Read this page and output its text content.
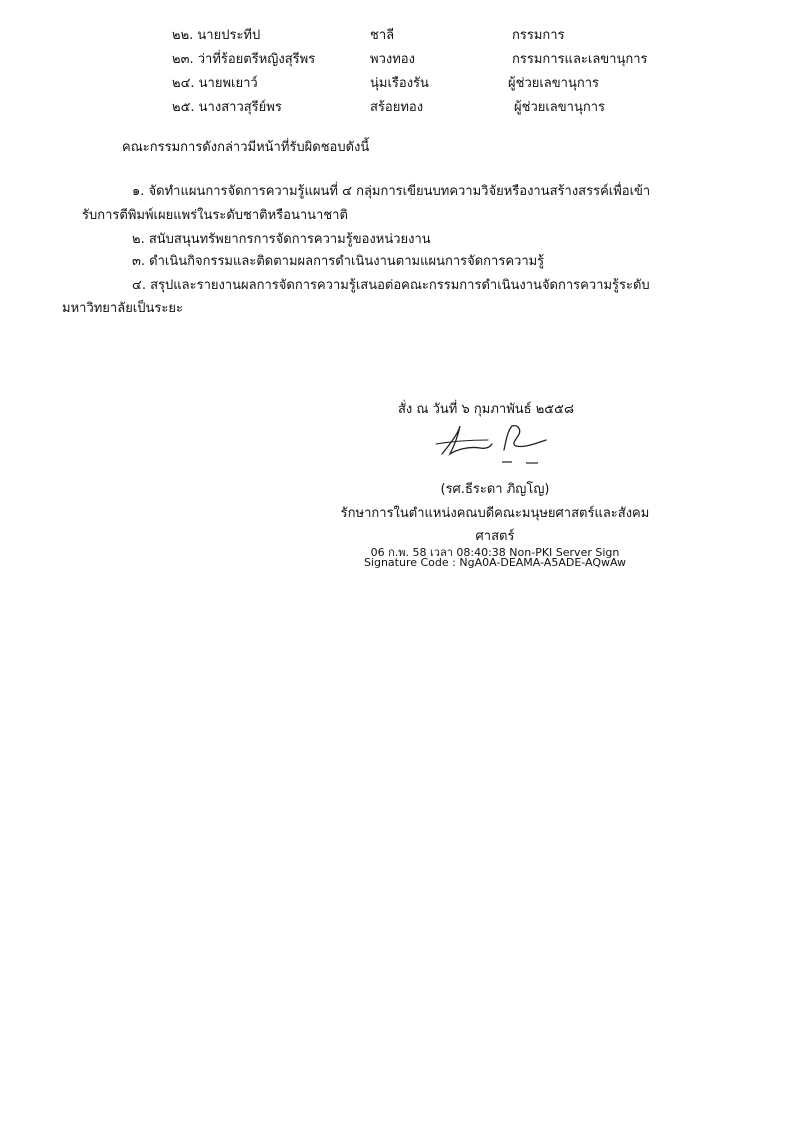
๒๒. นายประทีป	ชาลี	กรรมการ
๒๓. ว่าที่ร้อยตรีหญิงสุรีพร	พวงทอง	กรรมการและเลขานุการ
๒๔. นายพเยาว์	นุ่มเรืองรัน	ผู้ช่วยเลขานุการ
๒๕. นางสาวสุรีย์พร	สร้อยทอง	ผู้ช่วยเลขานุการ
คณะกรรมการดังกล่าวมีหน้าที่รับผิดชอบดังนี้
๑. จัดทำแผนการจัดการความรู้แผนที่ ๔ กลุ่มการเขียนบทความวิจัยหรืองานสร้างสรรค์เพื่อเข้า
รับการตีพิมพ์เผยแพร่ในระดับชาติหรือนานาชาติ
๒. สนับสนุนทรัพยากรการจัดการความรู้ของหน่วยงาน
๓. ดำเนินกิจกรรมและติดตามผลการดำเนินงานตามแผนการจัดการความรู้
๔. สรุปและรายงานผลการจัดการความรู้เสนอต่อคณะกรรมการดำเนินงานจัดการความรู้ระดับ
มหาวิทยาลัยเป็นระยะ
สั่ง ณ วันที่ ๖ กุมภาพันธ์ ๒๕๕๘
(รศ.ธีระดา ภิญโญ)
รักษาการในตำแหน่งคณบดีคณะมนุษยศาสตร์และสังคม
ศาสตร์
06 ก.พ. 58 เวลา 08:40:38 Non-PKI Server Sign
Signature Code : NgA0A-DEAMA-A5ADE-AQwAw
